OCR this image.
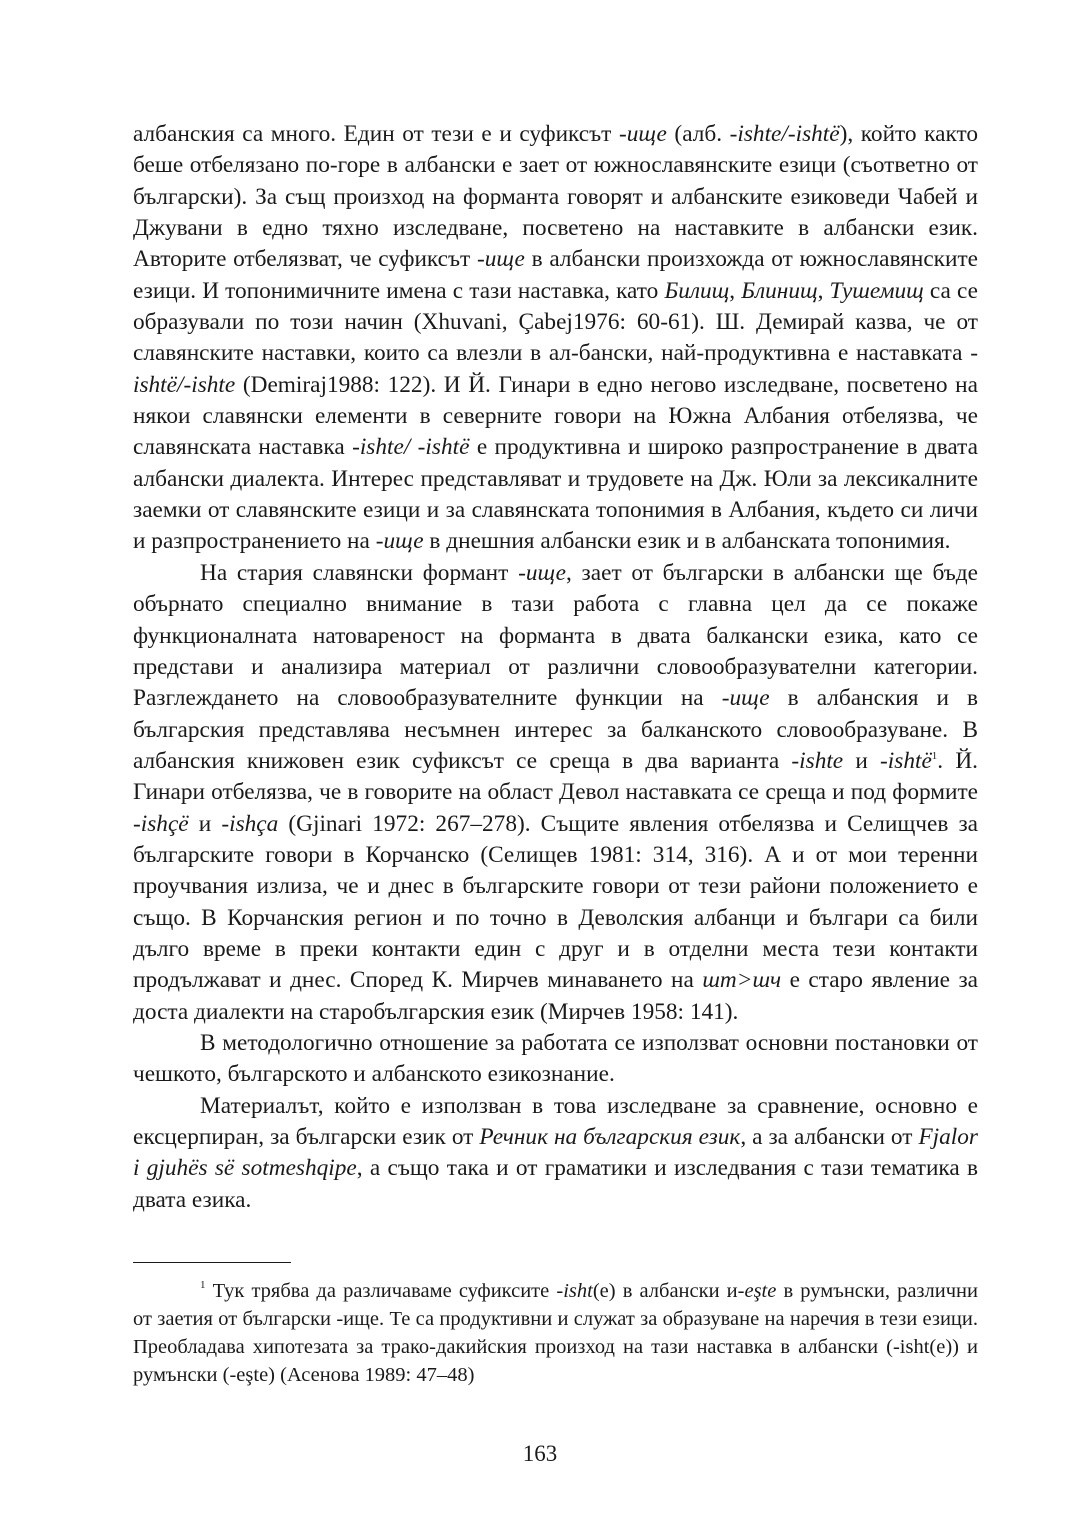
албанския са много. Един от тези е и суфиксът -ище (алб. -ishte/-ishtë), който както беше отбелязано по-горе в албански е зает от южнославянските езици (съответно от български). За същ произход на форманта говорят и албанските езиковеди Чабей и Джувани в едно тяхно изследване, посветено на наставките в албански език. Авторите отбелязват, че суфиксът -ище в албански произхожда от южнославянските езици. И топонимичните имена с тази наставка, като Билищ, Блинищ, Тушемищ са се образували по този начин (Xhuvani, Çabej1976: 60-61). Ш. Демирай казва, че от славянските наставки, които са влезли в ал-бански, най-продуктивна е наставката -ishtë/-ishte (Demiraj1988: 122). И Й. Гинари в едно негово изследване, посветено на някои славянски елементи в северните говори на Южна Албания отбелязва, че славянската наставка -ishte/ -ishtë е продуктивна и широко разпространение в двата албански диалекта. Интерес представляват и трудовете на Дж. Юли за лексикалните заемки от славянските езици и за славянската топонимия в Албания, където си личи и разпространението на -ище в днешния албански език и в албанската топонимия.

На стария славянски формант -ище, зает от български в албански ще бъде обърнато специално внимание в тази работа с главна цел да се покаже функционалната натовареност на форманта в двата балкански езика, като се представи и анализира материал от различни словообразувателни категории. Разглеждането на словообразувателните функции на -ище в албанския и в българския представлява несъмнен интерес за балканското словообразуване. В албанския книжовен език суфиксът се среща в два варианта -ishte и -ishtë$^1$. Й. Гинари отбелязва, че в говорите на област Девол наставката се среща и под формите -ishçë и -ishça (Gjinari 1972: 267–278). Същите явления отбелязва и Селищчев за българските говори в Корчанско (Селищев 1981: 314, 316). А и от мои теренни проучвания излиза, че и днес в българските говори от тези райони положението е същo. В Корчанския регион и по точно в Деволския албанци и българи са били дълго време в преки контакти един с друг и в отделни места тези контакти продължават и днес. Според К. Мирчев минаването на шт>шч е старо явление за доста диалекти на старобългарския език (Мирчев 1958: 141).

В методологично отношение за работата се използват основни постановки от чешкото, българското и албанското езикознание.

Материалът, който е използван в това изследване за сравнение, основно е ексцерпиран, за български език от Речник на българския език, а за албански от Fjalor i gjuhës së sotmeshqipe, а също така и от граматики и изследвания с тази тематика в двата езика.

$^1$ Тук трябва да различаваме суфиксите -isht(е) в албански и-eşte в румънски, различни от заетия от български -ище. Те са продуктивни и служат за образуване на наречия в тези езици. Преобладава хипотезата за трако-дакийския произход на тази наставка в албански (-isht(e)) и румънски (-eşte) (Асенова 1989: 47–48)

163
